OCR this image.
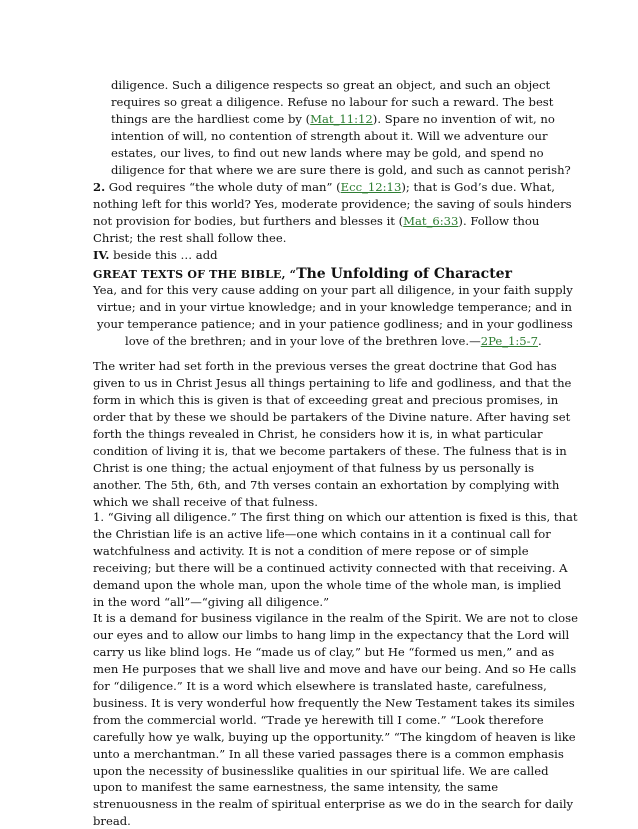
diligence. Such a diligence respects so great an object, and such an object
requires so great a diligence. Refuse no labour for such a reward. The best
things are the hardliest come by (Mat_11:12). Spare no invention of wit, no
intention of will, no contention of strength about it. Will we adventure our
estates, our lives, to find out new lands where may be gold, and spend no
diligence for that where we are sure there is gold, and such as cannot perish?
2. God requires “the whole duty of man” (Ecc_12:13); that is God’s due. What,
nothing left for this world? Yes, moderate providence; the saving of souls hinders
not provision for bodies, but furthers and blesses it (Mat_6:33). Follow thou
Christ; the rest shall follow thee.
IV. beside this … add
GREAT TEXTS OF THE BIBLE, “The Unfolding of Character
Yea, and for this very cause adding on your part all diligence, in your faith supply
virtue; and in your virtue knowledge; and in your knowledge temperance; and in
your temperance patience; and in your patience godliness; and in your godliness
love of the brethren; and in your love of the brethren love.—2Pe_1:5-7.
The writer had set forth in the previous verses the great doctrine that God has
given to us in Christ Jesus all things pertaining to life and godliness, and that the
form in which this is given is that of exceeding great and precious promises, in
order that by these we should be partakers of the Divine nature. After having set
forth the things revealed in Christ, he considers how it is, in what particular
condition of living it is, that we become partakers of these. The fulness that is in
Christ is one thing; the actual enjoyment of that fulness by us personally is
another. The 5th, 6th, and 7th verses contain an exhortation by complying with
which we shall receive of that fulness.
1. “Giving all diligence.” The first thing on which our attention is fixed is this, that
the Christian life is an active life—one which contains in it a continual call for
watchfulness and activity. It is not a condition of mere repose or of simple
receiving; but there will be a continued activity connected with that receiving. A
demand upon the whole man, upon the whole time of the whole man, is implied
in the word “all”—“giving all diligence.”
It is a demand for business vigilance in the realm of the Spirit. We are not to close
our eyes and to allow our limbs to hang limp in the expectancy that the Lord will
carry us like blind logs. He “made us of clay,” but He “formed us men,” and as
men He purposes that we shall live and move and have our being. And so He calls
for “diligence.” It is a word which elsewhere is translated haste, carefulness,
business. It is very wonderful how frequently the New Testament takes its similes
from the commercial world. “Trade ye herewith till I come.” “Look therefore
carefully how ye walk, buying up the opportunity.” “The kingdom of heaven is like
unto a merchantman.” In all these varied passages there is a common emphasis
upon the necessity of businesslike qualities in our spiritual life. We are called
upon to manifest the same earnestness, the same intensity, the same
strenuousness in the realm of spiritual enterprise as we do in the search for daily
bread.
